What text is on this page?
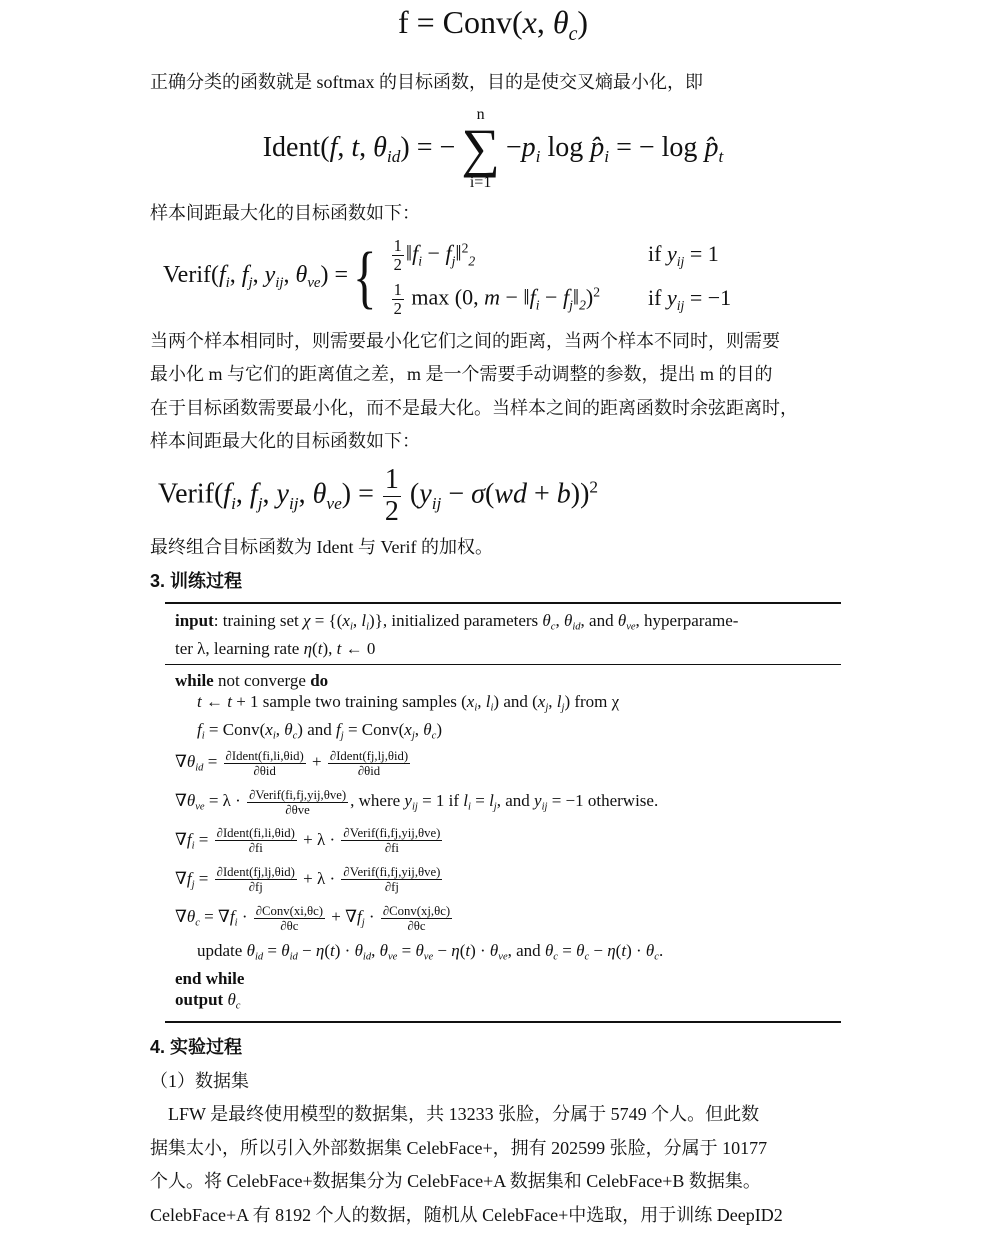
f = Conv(x, $\theta_c$)
正确分类的函数就是 softmax 的目标函数，目的是使交叉熵最小化，即
Ident(f, t, $\theta_{id}) = -n$
∑
$i=1-p_i$ $\log p̂_i$ = − $\log p̂_t$
样本间距最大化的目标函数如下：
$Verif(f_i$, $f_j$, $y_{ij}$, $\theta_{ve}$) ={ $\frac{1}{2}$ $‖f_i$ − $f_j‖^2_2$	if $y_{ij} = 1$

$\frac{1}{2}$ max (0, $m - ‖f_i$ − $f_j‖_2)^2$	if $y_{ij} = -1$
当两个样本相同时，则需要最小化它们之间的距离，当两个样本不同时，则需要
最小化 m 与它们的距离值之差，m 是一个需要手动调整的参数，提出 m 的目的
在于目标函数需要最小化，而不是最大化。当样本之间的距离函数时余弦距离时，
样本间距最大化的目标函数如下：
$Verif(f_i$, $f_j$, $y_{ij}$, $\theta_{ve}) = \frac{1}{2} (y_{ij} - \sigma(wd + b))^2$
最终组合目标函数为 Ident 与 Verif 的加权。
3. 训练过程
input: training set $\chi = \{(x_i$, $l_i$)}, initialized parameters $\theta_c$, $\theta_{id}$, and $\theta_{ve}$, hyperparame-
ter λ, learning rate η(t), t ← 0
while not converge do
t ← t + 1 sample two training samples ($x_i$, $l_i$) and ($x_j$, $l_j$) from χ
$f_i$ = $Conv(x_i$, $\theta_c$) and $f_j$ = $Conv(x_j$, $\theta_c$)
$\nabla\theta_{id} = \frac{\text{∂Ident(fi,li,θid)}}{\text{∂θid}} + \frac{\text{∂Ident(fj,lj,θid)}}{\text{∂θid}}$
$\nabla\theta_{ve} = \lambda \cdot \frac{\text{∂Verif(fi,fj,yij,θve)}}{\text{∂θve}}$ , where $y_{ij} = 1$ if $l_i = l_j$, and $y_{ij} = -1$ otherwise.
$\nabla f_i = \frac{\text{∂Ident(fi,li,θid)}}{\partial fi} + \lambda \cdot \frac{\text{∂Verif(fi,fj,yij,θve)}}{\partial fi}$
$\nabla f_j = \frac{\text{∂Ident(fj,lj,θid)}}{\partial fj} + \lambda \cdot \frac{\text{∂Verif(fi,fj,yij,θve)}}{\partial fj}$
$\nabla\theta_c = \nabla f_i \cdot \frac{\text{∂Conv(xi,θc)}}{\partial\theta c} + \nabla f_j \cdot \frac{\text{∂Conv(xj,θc)}}{\partial\theta c}$
update $\theta_{id} = \theta_{id} - \eta(t) \cdot \theta_{id}$, $\theta_{ve} = \theta_{ve} - \eta(t) \cdot \theta_{ve}$, and $\theta_c = \theta_c - \eta(t) \cdot \theta_c$.
end while
output $\theta_c$
4. 实验过程
（1）数据集
　LFW 是最终使用模型的数据集，共 13233 张脸，分属于 5749 个人。但此数
据集太小，所以引入外部数据集 CelebFace+，拥有 202599 张脸，分属于 10177
个人。将 CelebFace+数据集分为 CelebFace+A 数据集和 CelebFace+B 数据集。
CelebFace+A 有 8192 个人的数据，随机从 CelebFace+中选取，用于训练 DeepID2
